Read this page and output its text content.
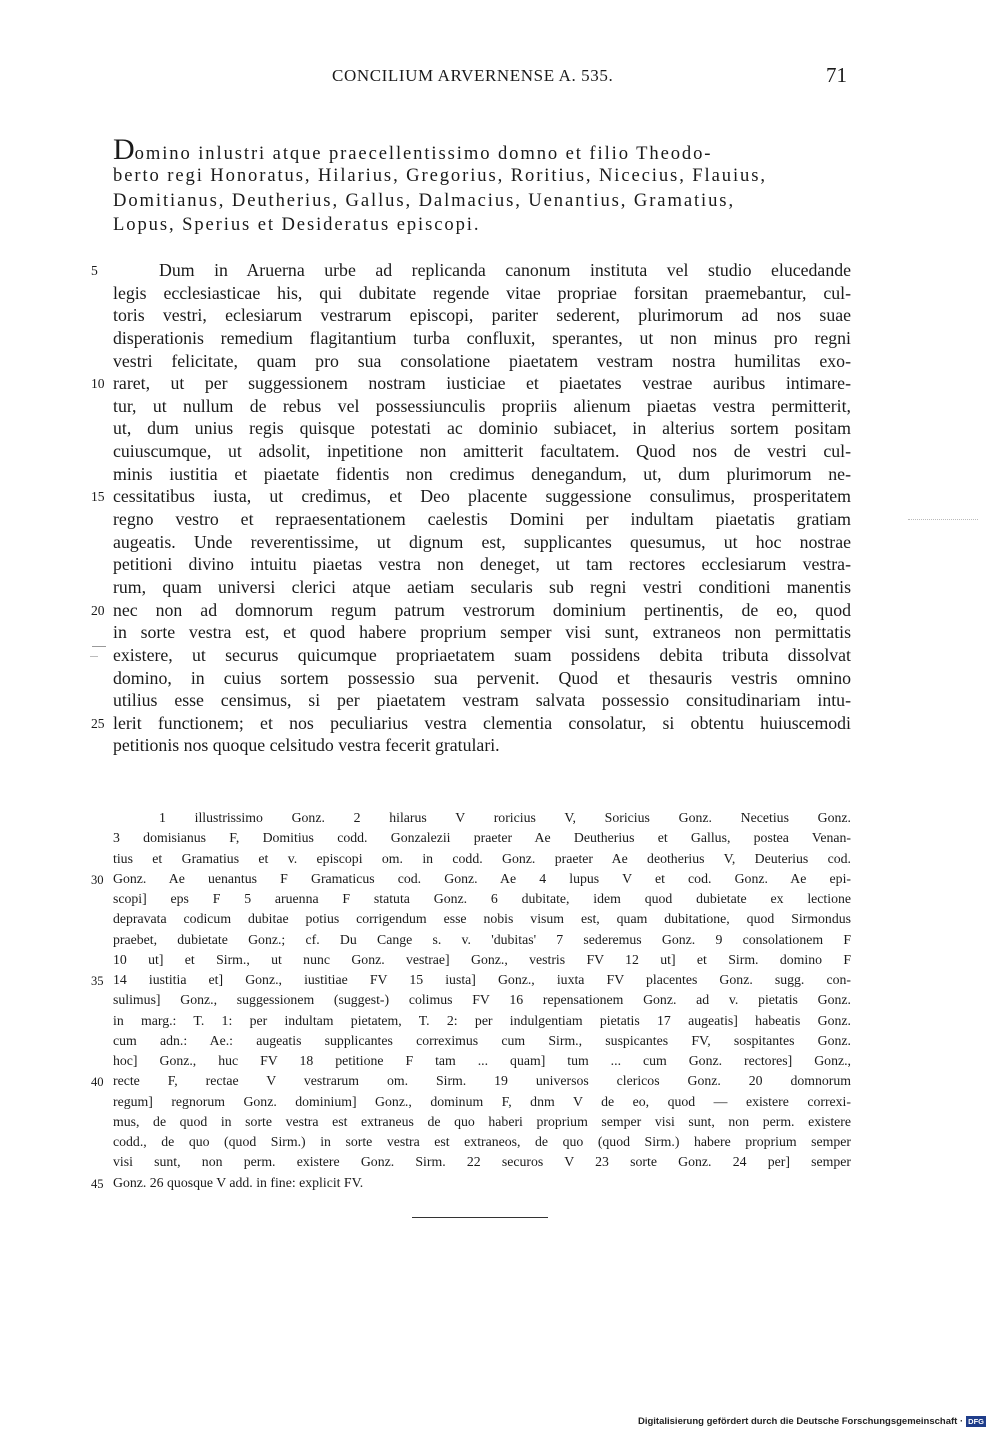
CONCILIUM ARVERNENSE A. 535.	71
Domino inlustri atque praecellentissimo domno et filio Theodo-
berto regi Honoratus, Hilarius, Gregorius, Roritius, Nicecius, Flauius,
Domitianus, Deutherius, Gallus, Dalmacius, Uenantius, Gramatius,
Lopus, Sperius et Desideratus episcopi.
5	Dum in Aruerna urbe ad replicanda canonum instituta vel studio elucedande
legis ecclesiasticae his, qui dubitate regende vitae propriae forsitan praemebantur, cul-
toris vestri, eclesiarum vestrarum episcopi, pariter sederent, plurimorum ad nos suae
disperationis remedium flagitantium turba confluxit, sperantes, ut non minus pro regni
vestri felicitate, quam pro sua consolatione piaetatem vestram nostra humilitas exo-
10 raret, ut per suggessionem nostram iusticiae et piaetates vestrae auribus intimare-
tur, ut nullum de rebus vel possessiunculis propriis alienum piaetas vestra permitterit,
ut, dum unius regis quisque potestati ac dominio subiacet, in alterius sortem positam
cuiuscumque, ut adsolit, inpetitione non amitterit facultatem. Quod nos de vestri cul-
minis iustitia et piaetate fidentis non credimus denegandum, ut, dum plurimorum ne-
15 cessitatibus iusta, ut credimus, et Deo placente suggessione consulimus, prosperitatem
regno vestro et repraesentationem caelestis Domini per indultam piaetatis gratiam
augeatis. Unde reverentissime, ut dignum est, supplicantes quesumus, ut hoc nostrae
petitioni divino intuitu piaetas vestra non deneget, ut tam rectores ecclesiarum vestra-
rum, quam universi clerici atque aetiam secularis sub regni vestri conditioni manentis
20 nec non ad domnorum regum patrum vestrorum dominium pertinentis, de eo, quod
in sorte vestra est, et quod habere proprium semper visi sunt, extraneos non permittatis
existere, ut securus quicumque propriaetatem suam possidens debita tributa dissolvat
domino, in cuius sortem possessio sua pervenit. Quod et thesauris vestris omnino
utilius esse censimus, si per piaetatem vestram salvata possessio consitudinariam intu-
25 lerit functionem; et nos peculiarius vestra clementia consolatur, si obtentu huiuscemodi
petitionis nos quoque celsitudo vestra fecerit gratulari.
1 illustrissimo Gonz. 2 hilarus V roricius V, Soricius Gonz. Necetius Gonz.
3 domisianus F, Domitius codd. Gonzalezii praeter Ae Deutherius et Gallus, postea Venan-
tius et Gramatius et v. episcopi om. in codd. Gonz. praeter Ae deotherius V, Deuterius cod.
30 Gonz. Ae uenantus F Gramaticus cod. Gonz. Ae 4 lupus V et cod. Gonz. Ae epi-
scopi] eps F 5 aruenna F statuta Gonz. 6 dubitate, idem quod dubietate ex lectione
depravata codicum dubitae potius corrigendum esse nobis visum est, quam dubitatione, quod Sirmondus
praebet, dubietate Gonz.; cf. Du Cange s. v. 'dubitas' 7 sederemus Gonz. 9 consolationem F
10 ut] et Sirm., ut nunc Gonz. vestrae] Gonz., vestris FV 12 ut] et Sirm. domino F
35 14 iustitia et] Gonz., iustitiae FV 15 iusta] Gonz., iuxta FV placentes Gonz. sugg. con-
sulimus] Gonz., suggessionem (suggest-) colimus FV 16 repensationem Gonz. ad v. pietatis Gonz.
in marg.: T. 1: per indultam pietatem, T. 2: per indulgentiam pietatis 17 augeatis] habeatis Gonz.
cum adn.: Ae.: augeatis supplicantes correximus cum Sirm., suspicantes FV, sospitantes Gonz.
hoc] Gonz., huc FV 18 petitione F tam ... quam] tum ... cum Gonz. rectores] Gonz.,
40 recte F, rectae V vestrarum om. Sirm. 19 universos clericos Gonz. 20 domnorum
regum] regnorum Gonz. dominium] Gonz., dominum F, dnm V de eo, quod — existere correxi-
mus, de quod in sorte vestra est extraneus de quo haberi proprium semper visi sunt, non perm. existere
codd., de quo (quod Sirm.) in sorte vestra est extraneos, de quo (quod Sirm.) habere proprium semper
visi sunt, non perm. existere Gonz. Sirm. 22 securos V 23 sorte Gonz. 24 per] semper
45 Gonz. 26 quosque V add. in fine: explicit FV.
Digitalisierung gefördert durch die Deutsche Forschungsgemeinschaft · DFG
